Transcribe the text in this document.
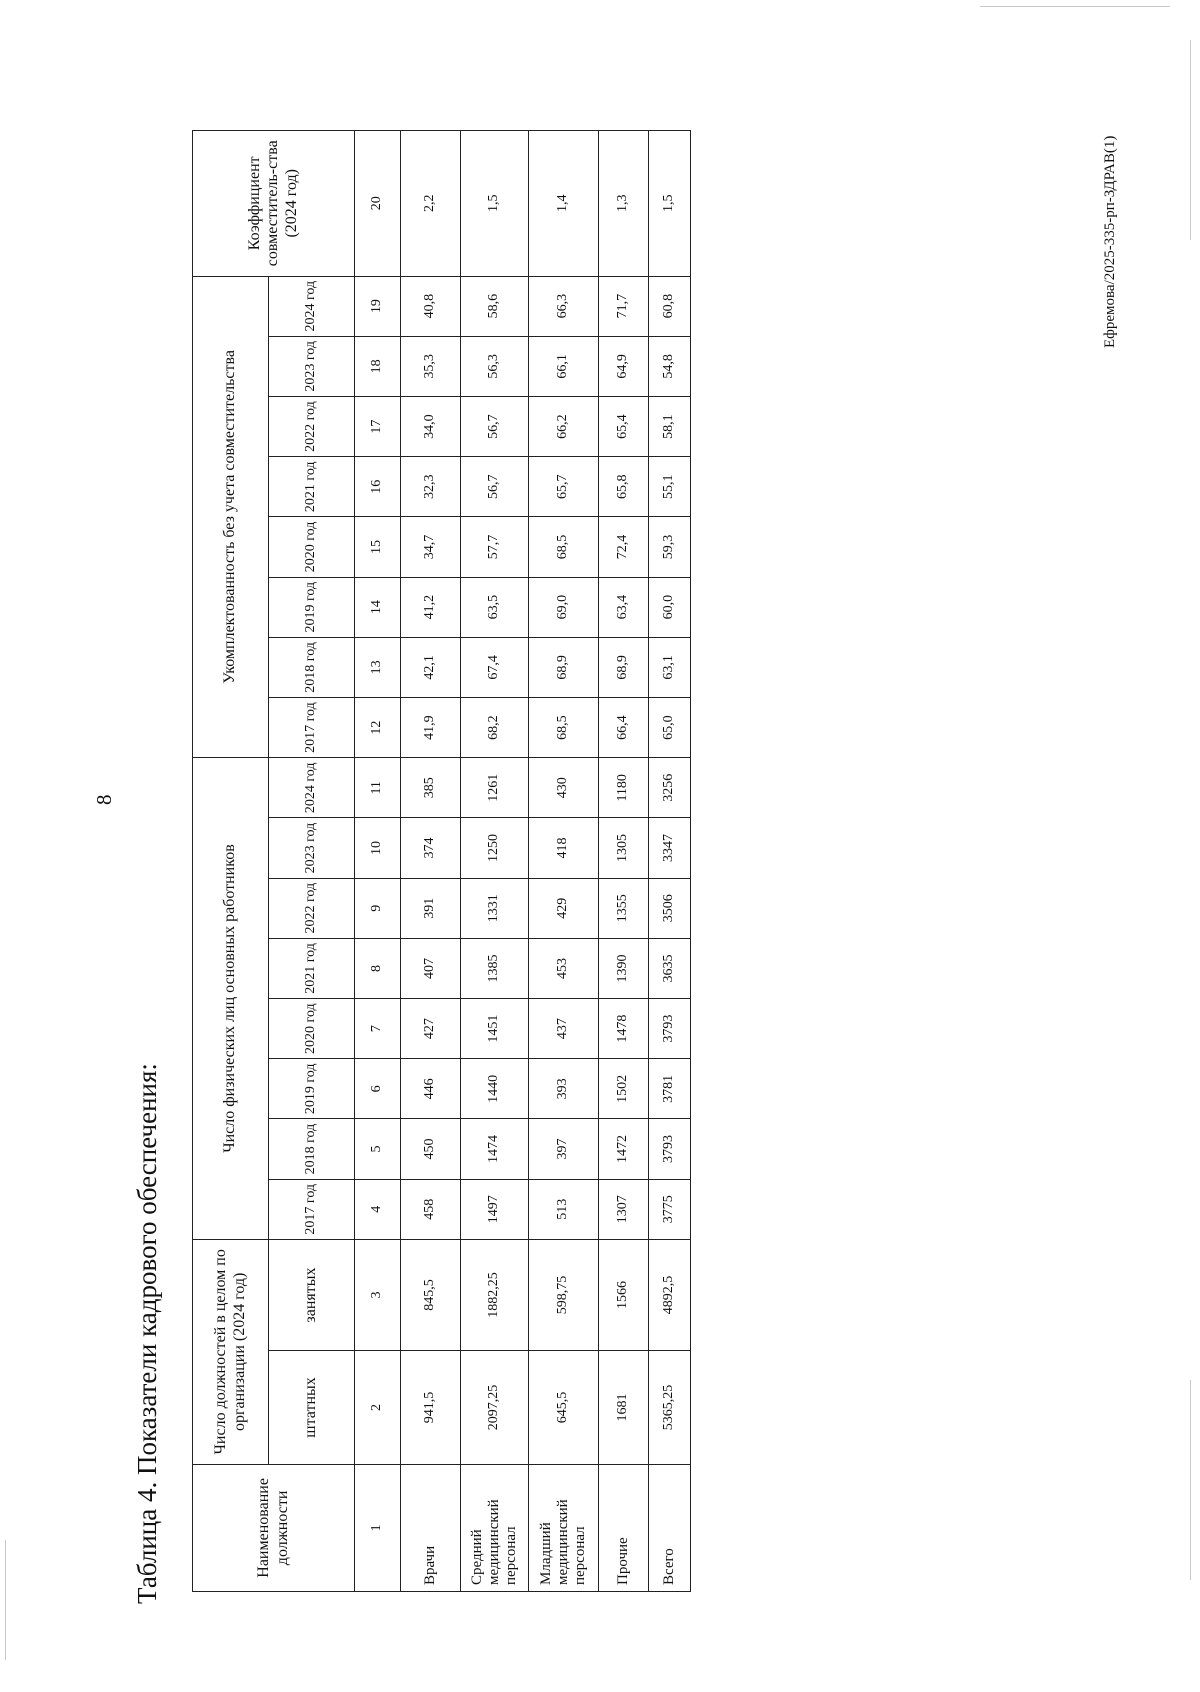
8
Таблица 4. Показатели кадрового обеспечения:
Ефремова/2025-335-рп-ЗДРАВ(1)
Наименование должности	Число должностей в целом по организации (2024 год)		Число физических лиц основных работников								Укомплектованность без учета совместительства								Коэффициент совместитель-ства (2024 год)
	штатных	занятых	2017 год	2018 год	2019 год	2020 год	2021 год	2022 год	2023 год	2024 год	2017 год	2018 год	2019 год	2020 год	2021 год	2022 год	2023 год	2024 год	
1	2	3	4	5	6	7	8	9	10	11	12	13	14	15	16	17	18	19	20
Врачи	941,5	845,5	458	450	446	427	407	391	374	385	41,9	42,1	41,2	34,7	32,3	34,0	35,3	40,8	2,2
Средний медицинский персонал	2097,25	1882,25	1497	1474	1440	1451	1385	1331	1250	1261	68,2	67,4	63,5	57,7	56,7	56,7	56,3	58,6	1,5
Младший медицинский персонал	645,5	598,75	513	397	393	437	453	429	418	430	68,5	68,9	69,0	68,5	65,7	66,2	66,1	66,3	1,4
Прочие	1681	1566	1307	1472	1502	1478	1390	1355	1305	1180	66,4	68,9	63,4	72,4	65,8	65,4	64,9	71,7	1,3
Всего	5365,25	4892,5	3775	3793	3781	3793	3635	3506	3347	3256	65,0	63,1	60,0	59,3	55,1	58,1	54,8	60,8	1,5
